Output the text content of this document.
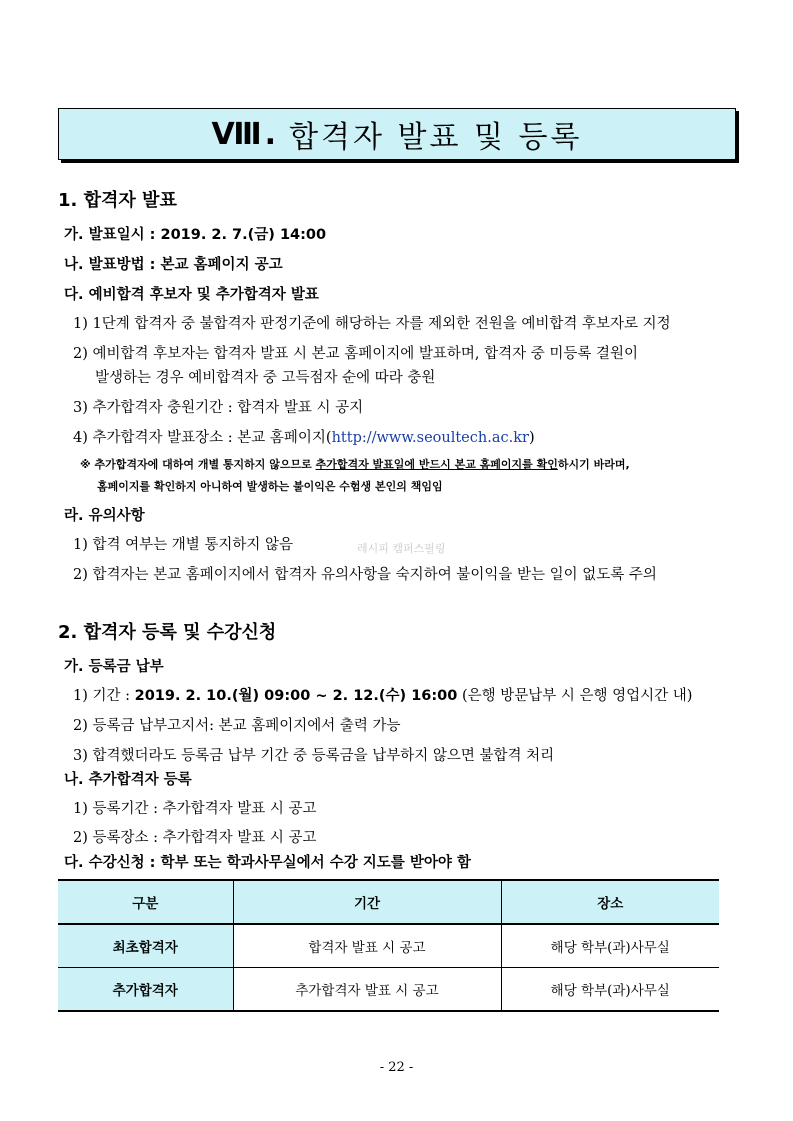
Ⅷ. 합격자 발표 및 등록
1. 합격자 발표
가. 발표일시 : 2019. 2. 7.(금) 14:00
나. 발표방법 : 본교 홈페이지 공고
다. 예비합격 후보자 및 추가합격자 발표
1) 1단계 합격자 중 불합격자 판정기준에 해당하는 자를 제외한 전원을 예비합격 후보자로 지정
2) 예비합격 후보자는 합격자 발표 시 본교 홈페이지에 발표하며, 합격자 중 미등록 결원이
발생하는 경우 예비합격자 중 고득점자 순에 따라 충원
3) 추가합격자 충원기간 : 합격자 발표 시 공지
4) 추가합격자 발표장소 : 본교 홈페이지(http://www.seoultech.ac.kr)
※ 추가합격자에 대하여 개별 통지하지 않으므로 추가합격자 발표일에 반드시 본교 홈페이지를 확인하시기 바라며,
홈페이지를 확인하지 아니하여 발생하는 불이익은 수험생 본인의 책임임
라. 유의사항
1) 합격 여부는 개별 통지하지 않음	레시피 캠퍼스필링
2) 합격자는 본교 홈페이지에서 합격자 유의사항을 숙지하여 불이익을 받는 일이 없도록 주의
2. 합격자 등록 및 수강신청
가. 등록금 납부
1) 기간 : 2019. 2. 10.(월) 09:00 ~ 2. 12.(수) 16:00 (은행 방문납부 시 은행 영업시간 내)
2) 등록금 납부고지서: 본교 홈페이지에서 출력 가능
3) 합격했더라도 등록금 납부 기간 중 등록금을 납부하지 않으면 불합격 처리
나. 추가합격자 등록
1) 등록기간 : 추가합격자 발표 시 공고
2) 등록장소 : 추가합격자 발표 시 공고
다. 수강신청 : 학부 또는 학과사무실에서 수강 지도를 받아야 함
구분	기간	장소
최초합격자	합격자 발표 시 공고	해당 학부(과)사무실
추가합격자	추가합격자 발표 시 공고	해당 학부(과)사무실
- 22 -
